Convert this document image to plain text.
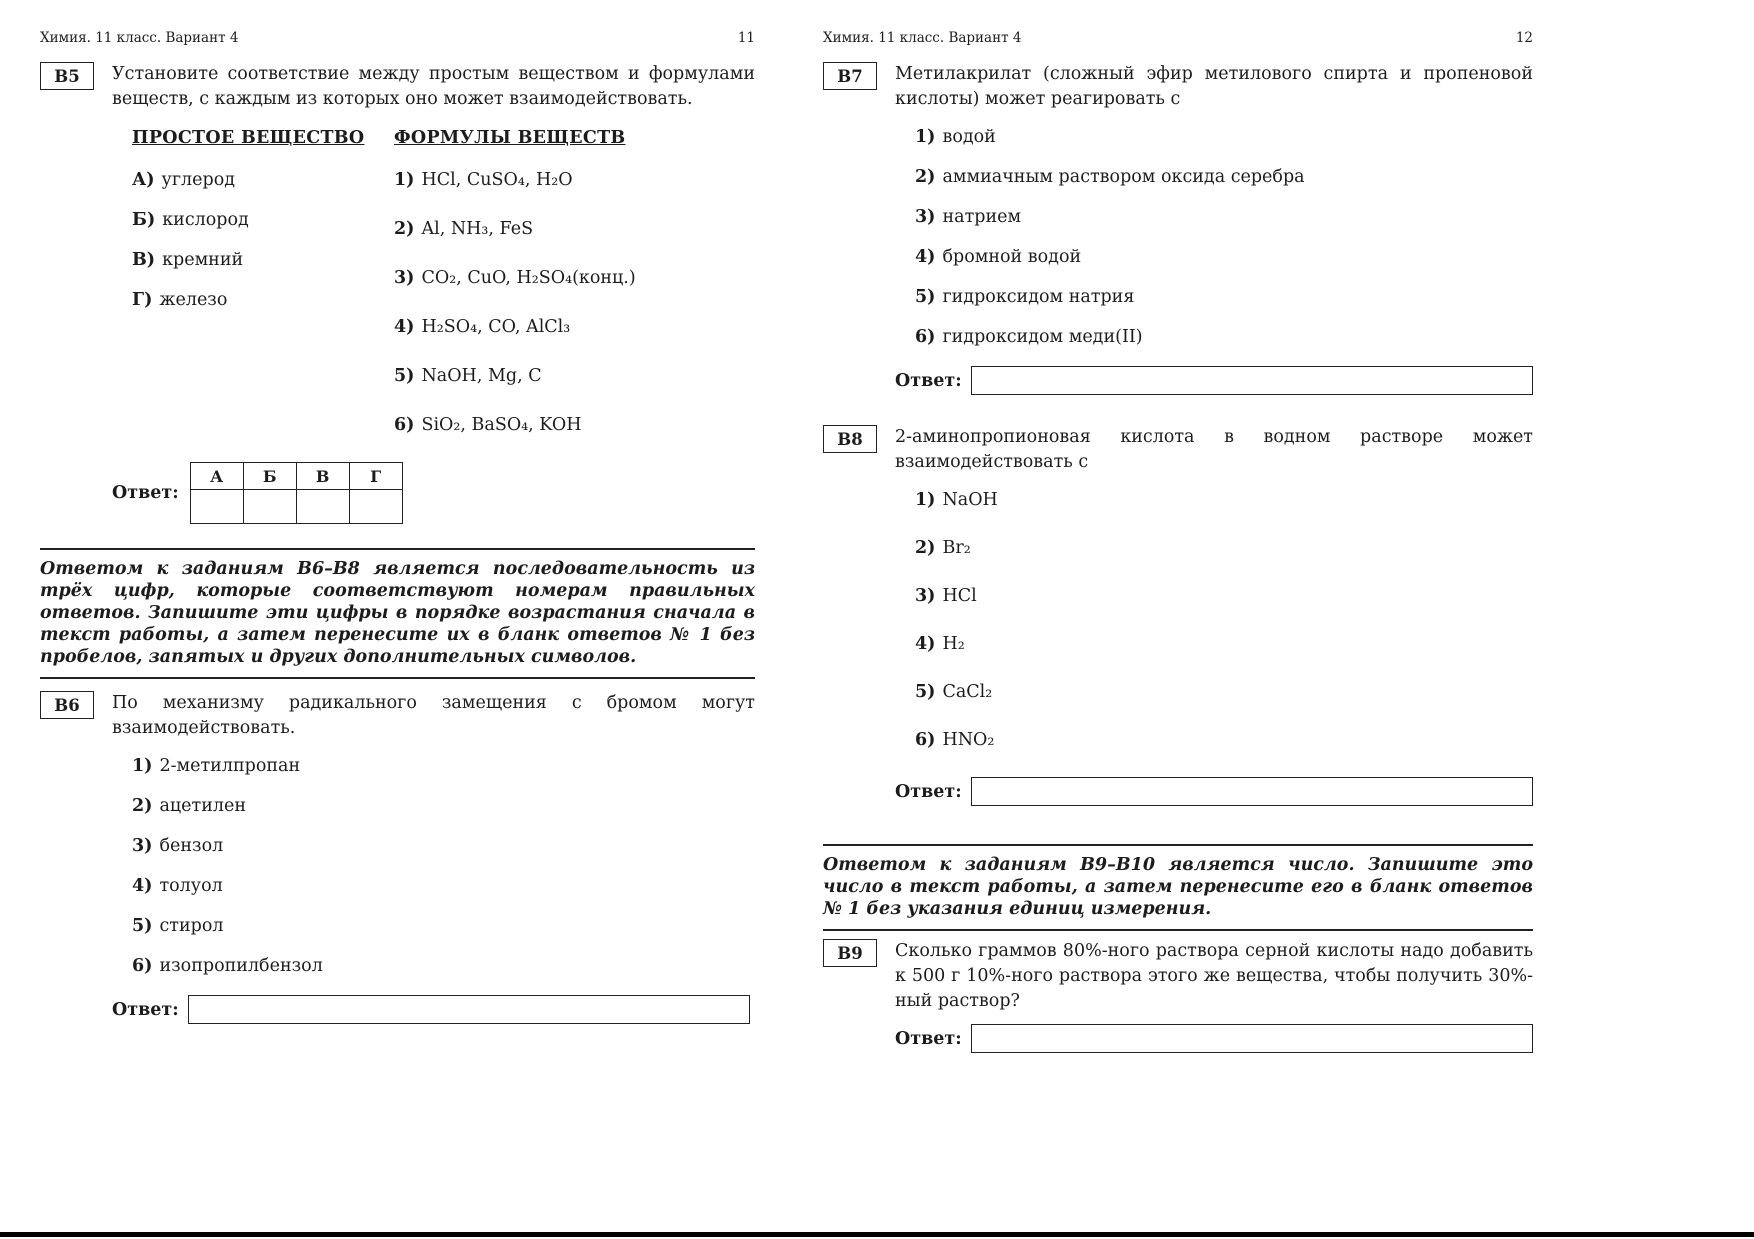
Химия. 11 класс. Вариант 4	11
В5	Установите соответствие между простым веществом и формулами веществ, с каждым из которых оно может взаимодействовать.

ПРОСТОЕ ВЕЩЕСТВО
А) углерод
Б) кислород
В) кремний
Г) железо
ФОРМУЛЫ ВЕЩЕСТВ
1) HCl, CuSO₄, H₂O
2) Al, NH₃, FeS
3) CO₂, CuO, H₂SO₄(конц.)
4) H₂SO₄, CO, AlCl₃
5) NaOH, Mg, C
6) SiO₂, BaSO₄, KOH
Ответ:
А	Б	В	Г

Ответом к заданиям В6–В8 является последовательность из трёх цифр, которые соответствуют номерам правильных ответов. Запишите эти цифры в порядке возрастания сначала в текст работы, а затем перенесите их в бланк ответов № 1 без пробелов, запятых и других дополнительных символов.

В6	По механизму радикального замещения с бромом могут взаимодействовать.

1) 2-метилпропан
2) ацетилен
3) бензол
4) толуол
5) стирол
6) изопропилбензол
Ответ:
Химия. 11 класс. Вариант 4	12
В7	Метилакрилат (сложный эфир метилового спирта и пропеновой кислоты) может реагировать с

1) водой
2) аммиачным раствором оксида серебра
3) натрием
4) бромной водой
5) гидроксидом натрия
6) гидроксидом меди(II)
Ответ:
В8	2-аминопропионовая кислота в водном растворе может взаимодействовать с

1) NaOH
2) Br₂
3) HCl
4) H₂
5) CaCl₂
6) HNO₂
Ответ:

Ответом к заданиям В9–В10 является число. Запишите это число в текст работы, а затем перенесите его в бланк ответов № 1 без указания единиц измерения.

В9	Сколько граммов 80%-ного раствора серной кислоты надо добавить к 500 г 10%-ного раствора этого же вещества, чтобы получить 30%-ный раствор?

Ответ:
